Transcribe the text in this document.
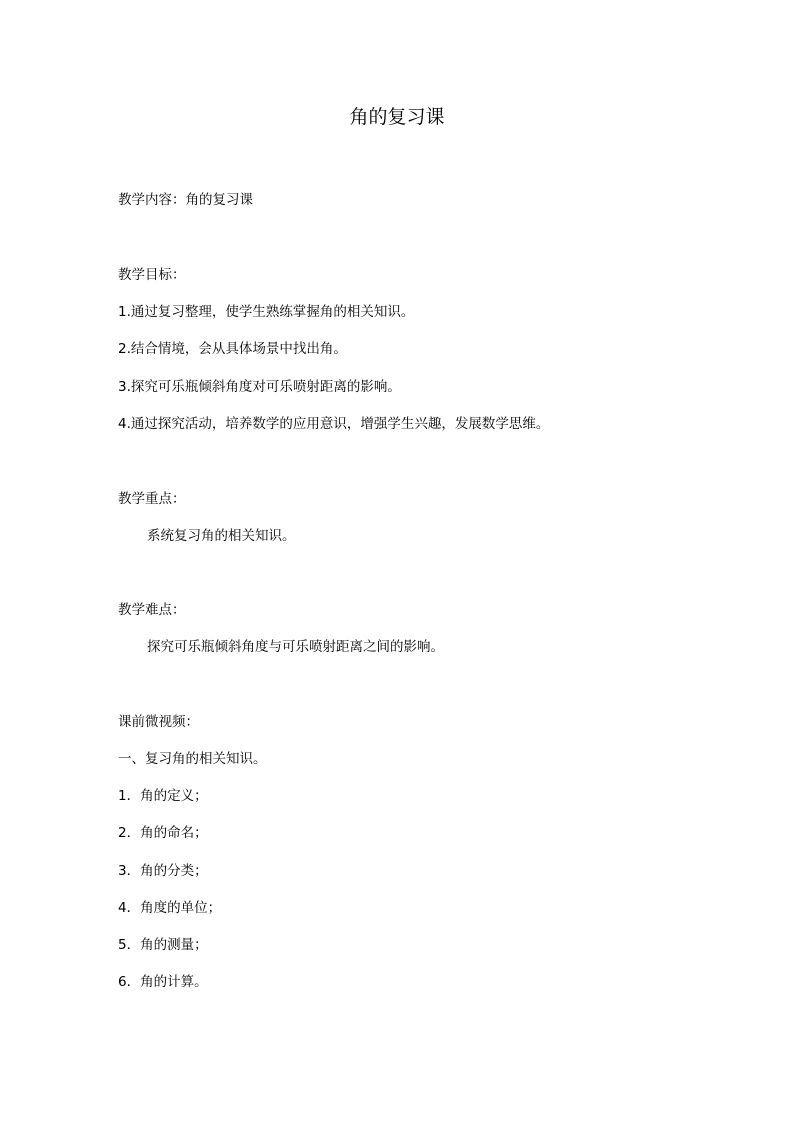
角的复习课
教学内容：角的复习课
教学目标：
1.通过复习整理，使学生熟练掌握角的相关知识。
2.结合情境，会从具体场景中找出角。
3.探究可乐瓶倾斜角度对可乐喷射距离的影响。
4.通过探究活动，培养数学的应用意识，增强学生兴趣，发展数学思维。
教学重点：
系统复习角的相关知识。
教学难点：
探究可乐瓶倾斜角度与可乐喷射距离之间的影响。
课前微视频：
一、复习角的相关知识。
1．角的定义；
2．角的命名；
3．角的分类；
4．角度的单位；
5．角的测量；
6．角的计算。
